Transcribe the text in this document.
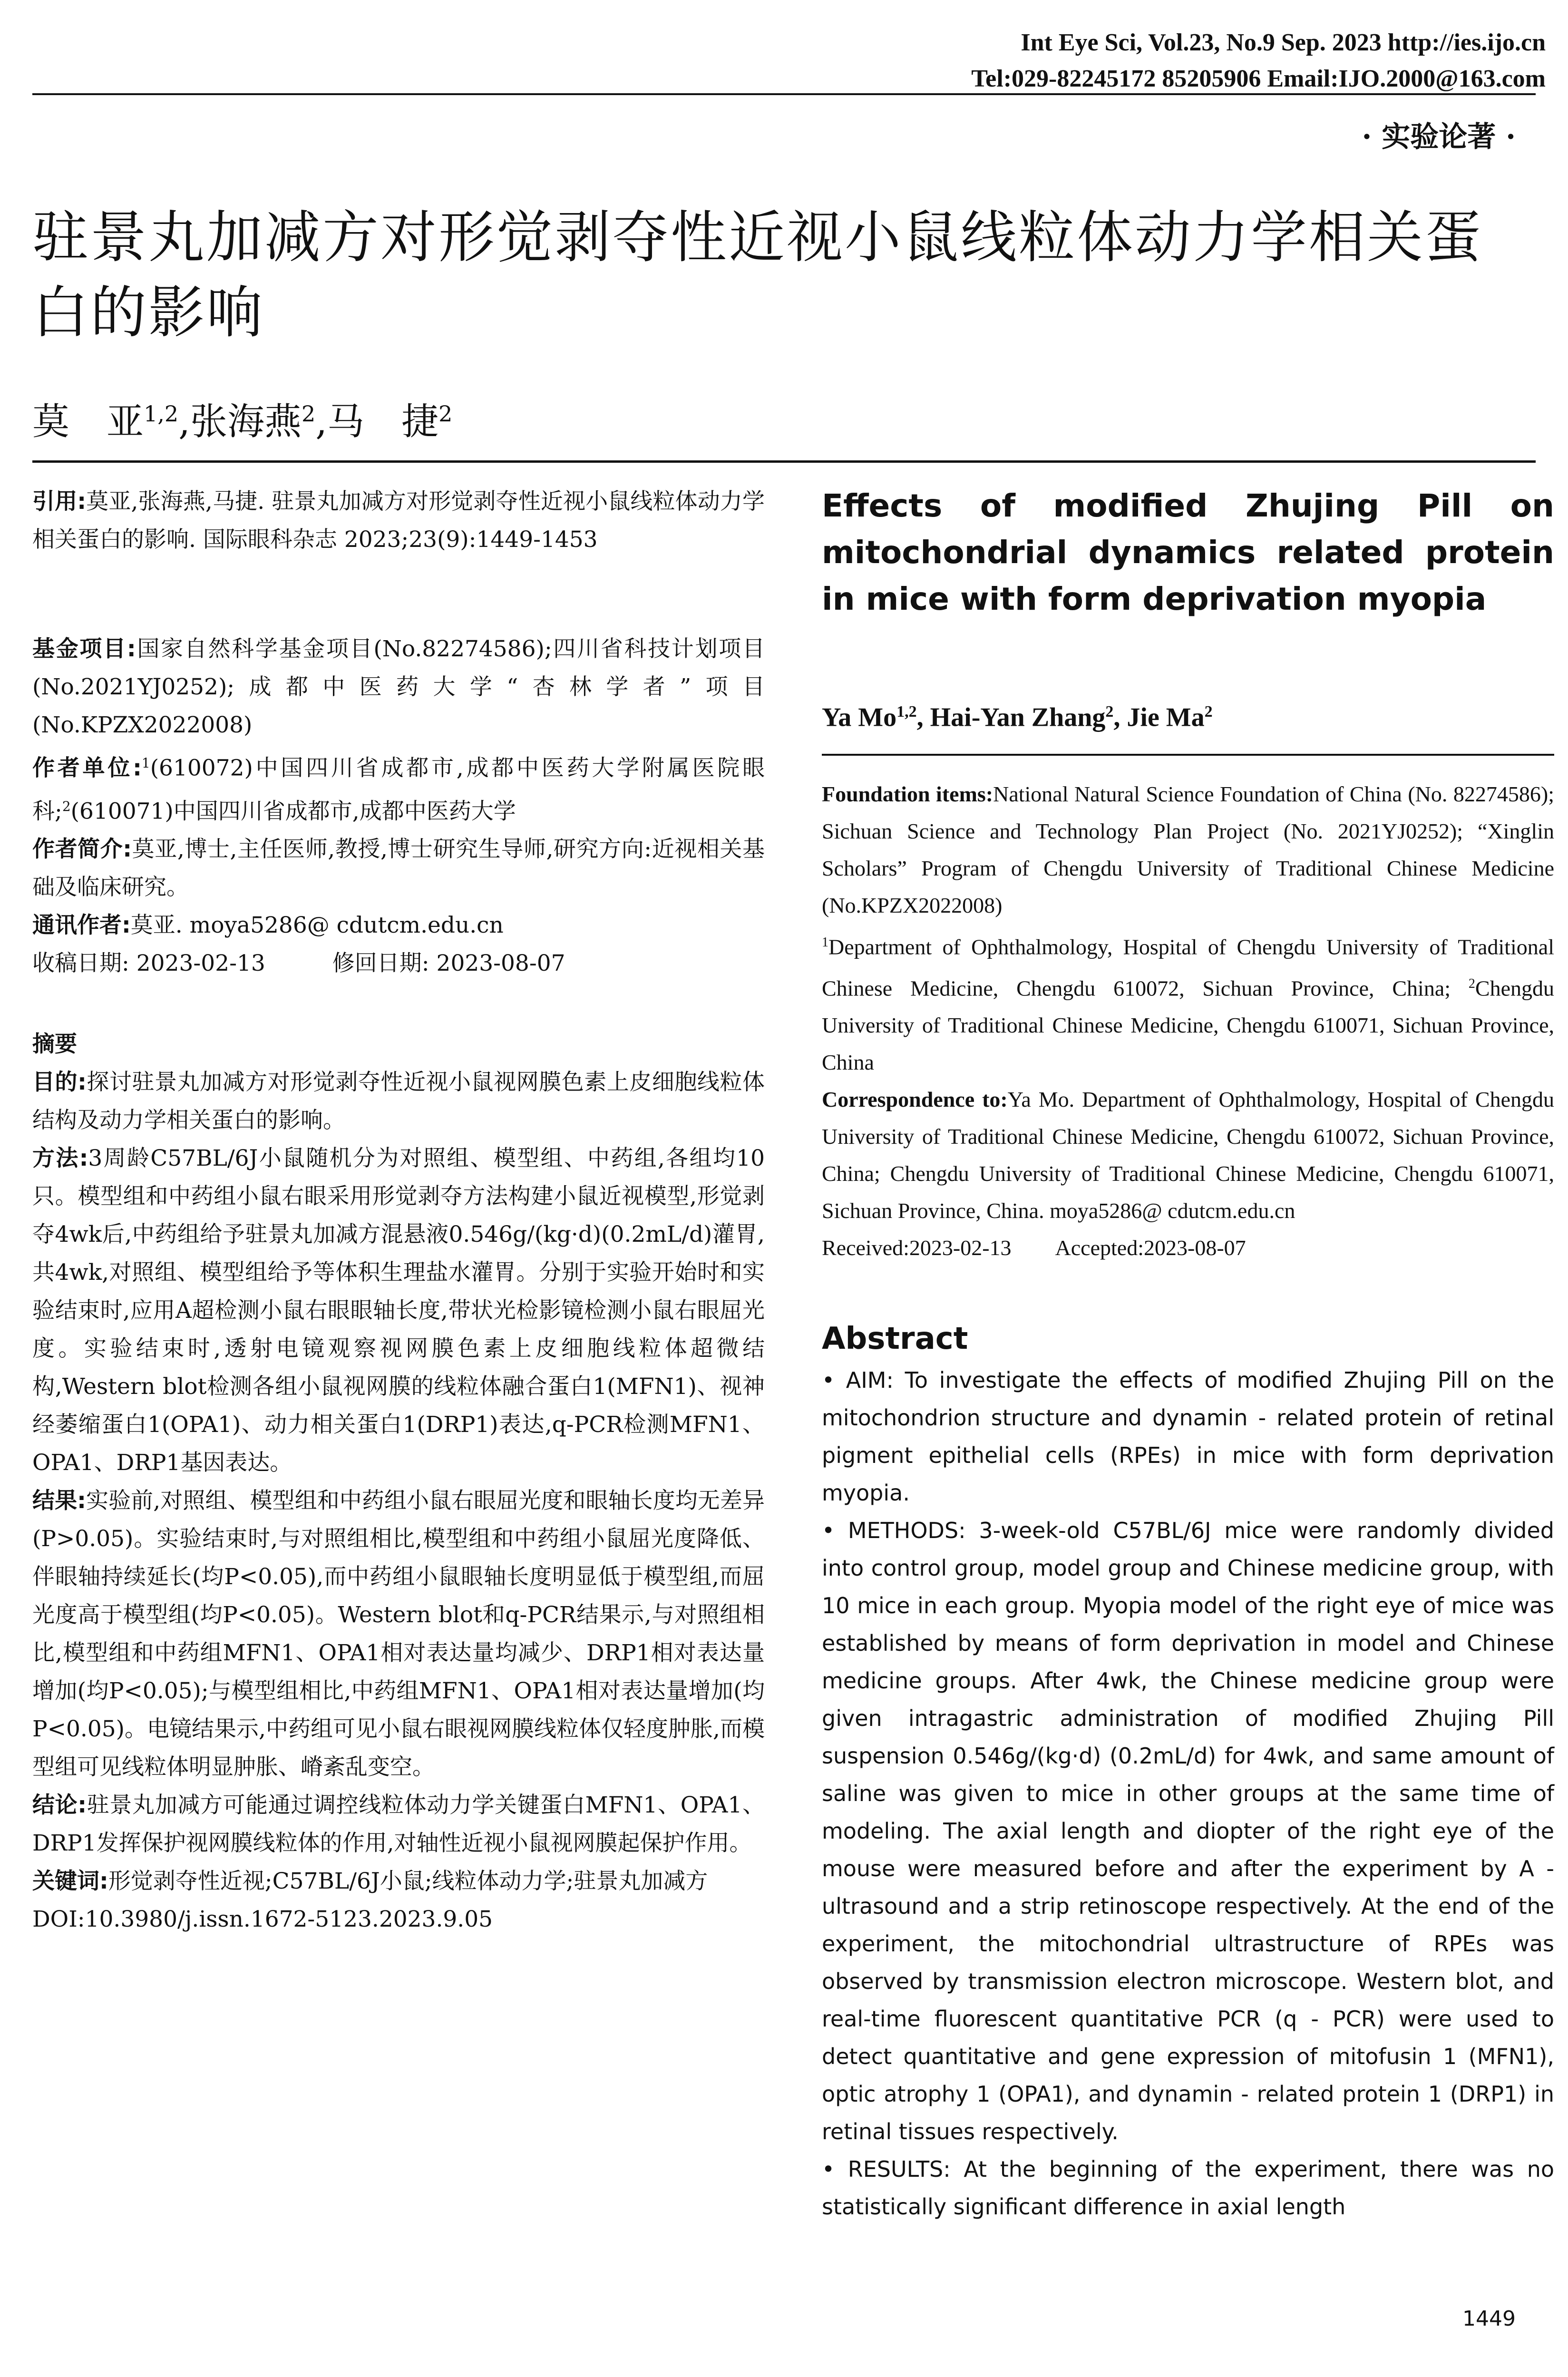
Int Eye Sci, Vol.23, No.9 Sep. 2023 http://ies.ijo.cn
Tel:029-82245172 85205906 Email:IJO.2000@163.com
· 实验论著 ·
驻景丸加减方对形觉剥夺性近视小鼠线粒体动力学相关蛋白的影响
莫　亚$^{1,2}$,张海燕$^2$,马　捷$^2$

引用:莫亚,张海燕,马捷. 驻景丸加减方对形觉剥夺性近视小鼠线粒体动力学相关蛋白的影响. 国际眼科杂志 2023;23(9):1449-1453

基金项目:国家自然科学基金项目(No.82274586);四川省科技计划项目(No.2021YJ0252);成都中医药大学“杏林学者”项目(No.KPZX2022008)

作者单位:$^1$(610072)中国四川省成都市,成都中医药大学附属医院眼科;$^2$(610071)中国四川省成都市,成都中医药大学

作者简介:莫亚,博士,主任医师,教授,博士研究生导师,研究方向:近视相关基础及临床研究。

通讯作者:莫亚. moya5286@ cdutcm.edu.cn

收稿日期: 2023-02-13　　　	修回日期: 2023-08-07

摘要

目的:探讨驻景丸加减方对形觉剥夺性近视小鼠视网膜色素上皮细胞线粒体结构及动力学相关蛋白的影响。

方法:3周龄C57BL/6J小鼠随机分为对照组、模型组、中药组,各组均10只。模型组和中药组小鼠右眼采用形觉剥夺方法构建小鼠近视模型,形觉剥夺4wk后,中药组给予驻景丸加减方混悬液0.546g/(kg·d)(0.2mL/d)灌胃,共4wk,对照组、模型组给予等体积生理盐水灌胃。分别于实验开始时和实验结束时,应用A超检测小鼠右眼眼轴长度,带状光检影镜检测小鼠右眼屈光度。实验结束时,透射电镜观察视网膜色素上皮细胞线粒体超微结构,Western blot检测各组小鼠视网膜的线粒体融合蛋白1(MFN1)、视神经萎缩蛋白1(OPA1)、动力相关蛋白1(DRP1)表达,q-PCR检测MFN1、OPA1、DRP1基因表达。

结果:实验前,对照组、模型组和中药组小鼠右眼屈光度和眼轴长度均无差异(P>0.05)。实验结束时,与对照组相比,模型组和中药组小鼠屈光度降低、伴眼轴持续延长(均P<0.05),而中药组小鼠眼轴长度明显低于模型组,而屈光度高于模型组(均P<0.05)。Western blot和q-PCR结果示,与对照组相比,模型组和中药组MFN1、OPA1相对表达量均减少、DRP1相对表达量增加(均P<0.05);与模型组相比,中药组MFN1、OPA1相对表达量增加(均P<0.05)。电镜结果示,中药组可见小鼠右眼视网膜线粒体仅轻度肿胀,而模型组可见线粒体明显肿胀、嵴紊乱变空。

结论:驻景丸加减方可能通过调控线粒体动力学关键蛋白MFN1、OPA1、DRP1发挥保护视网膜线粒体的作用,对轴性近视小鼠视网膜起保护作用。

关键词:形觉剥夺性近视;C57BL/6J小鼠;线粒体动力学;驻景丸加减方

DOI:10.3980/j.issn.1672-5123.2023.9.05

Effects of modified Zhujing Pill on mitochondrial dynamics related protein in mice with form deprivation myopia

Ya Mo$^{1,2}$, Hai-Yan Zhang$^2$, Jie Ma$^2$

Foundation items:National Natural Science Foundation of China (No. 82274586); Sichuan Science and Technology Plan Project (No. 2021YJ0252); “Xinglin Scholars” Program of Chengdu University of Traditional Chinese Medicine (No.KPZX2022008)

$^1$Department of Ophthalmology, Hospital of Chengdu University of Traditional Chinese Medicine, Chengdu 610072, Sichuan Province, China; $^2$Chengdu University of Traditional Chinese Medicine, Chengdu 610071, Sichuan Province, China

Correspondence to:Ya Mo. Department of Ophthalmology, Hospital of Chengdu University of Traditional Chinese Medicine, Chengdu 610072, Sichuan Province, China; Chengdu University of Traditional Chinese Medicine, Chengdu 610071, Sichuan Province, China. moya5286@ cdutcm.edu.cn

Received:2023-02-13　　 Accepted:2023-08-07

Abstract

• AIM: To investigate the effects of modified Zhujing Pill on the mitochondrion structure and dynamin - related protein of retinal pigment epithelial cells (RPEs) in mice with form deprivation myopia.

• METHODS: 3-week-old C57BL/6J mice were randomly divided into control group, model group and Chinese medicine group, with 10 mice in each group. Myopia model of the right eye of mice was established by means of form deprivation in model and Chinese medicine groups. After 4wk, the Chinese medicine group were given intragastric administration of modified Zhujing Pill suspension 0.546g/(kg·d) (0.2mL/d) for 4wk, and same amount of saline was given to mice in other groups at the same time of modeling. The axial length and diopter of the right eye of the mouse were measured before and after the experiment by A - ultrasound and a strip retinoscope respectively. At the end of the experiment, the mitochondrial ultrastructure of RPEs was observed by transmission electron microscope. Western blot, and real-time fluorescent quantitative PCR (q - PCR) were used to detect quantitative and gene expression of mitofusin 1 (MFN1), optic atrophy 1 (OPA1), and dynamin - related protein 1 (DRP1) in retinal tissues respectively.

• RESULTS: At the beginning of the experiment, there was no statistically significant difference in axial length

1449
